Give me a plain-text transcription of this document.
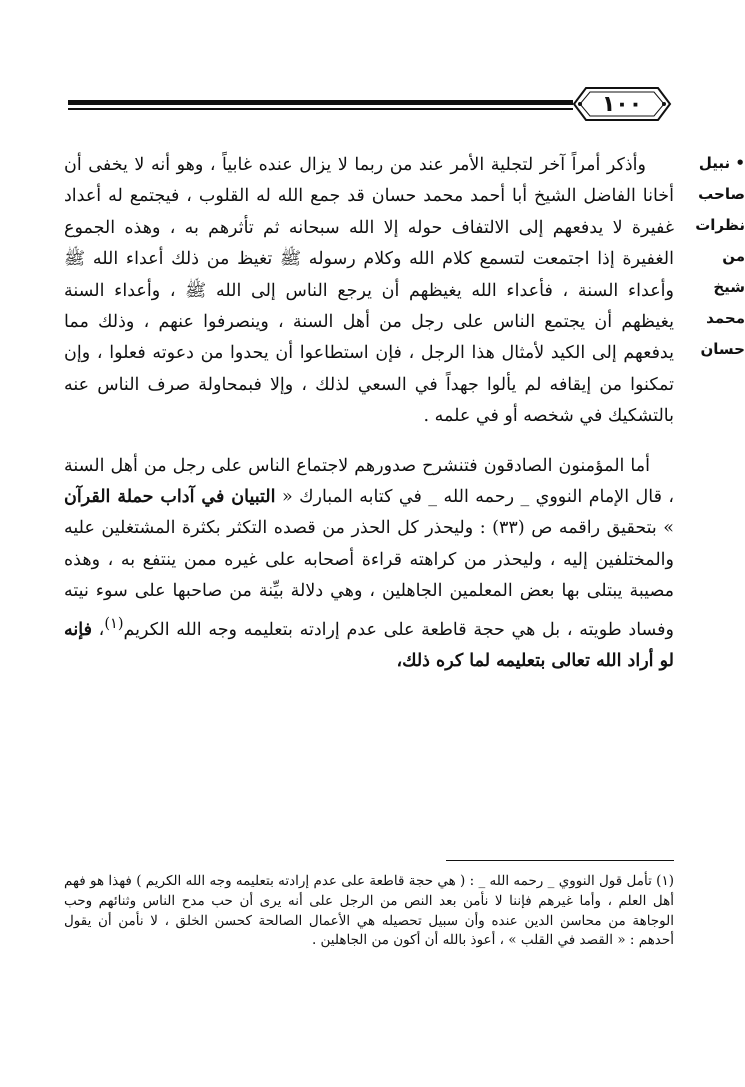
١٠٠
• نبيل
صاحب
نظرات
من
شيخ
محمد
حسان

وأذكر أمراً آخر لتجلية الأمر عند من ربما لا يزال عنده غابياً ، وهو أنه لا يخفى أن أخانا الفاضل الشيخ أبا أحمد محمد حسان قد جمع الله له القلوب ، فيجتمع له أعداد غفيرة لا يدفعهم إلى الالتفاف حوله إلا الله سبحانه ثم تأثرهم به ، وهذه الجموع الغفيرة إذا اجتمعت لتسمع كلام الله وكلام رسوله ﷺ تغيظ من ذلك أعداء الله ﷺ وأعداء السنة ، فأعداء الله يغيظهم أن يرجع الناس إلى الله ﷺ ، وأعداء السنة يغيظهم أن يجتمع الناس على رجل من أهل السنة ، وينصرفوا عنهم ، وذلك مما يدفعهم إلى الكيد لأمثال هذا الرجل ، فإن استطاعوا أن يحدوا من دعوته فعلوا ، وإن تمكنوا من إيقافه لم يألوا جهداً في السعي لذلك ، وإلا فبمحاولة صرف الناس عنه بالتشكيك في شخصه أو في علمه .

أما المؤمنون الصادقون فتنشرح صدورهم لاجتماع الناس على رجل من أهل السنة ، قال الإمام النووي _ رحمه الله _ في كتابه المبارك « التبيان في آداب حملة القرآن » بتحقيق راقمه ص (٣٣) : وليحذر كل الحذر من قصده التكثر بكثرة المشتغلين عليه والمختلفين إليه ، وليحذر من كراهته قراءة أصحابه على غيره ممن ينتفع به ، وهذه مصيبة يبتلى بها بعض المعلمين الجاهلين ، وهي دلالة بيِّنة من صاحبها على سوء نيته وفساد طويته ، بل هي حجة قاطعة على عدم إرادته بتعليمه وجه الله الكريم$^{(١)}$، فإنه لو أراد الله تعالى بتعليمه لما كره ذلك،

(١) تأمل قول النووي _ رحمه الله _ : ( هي حجة قاطعة على عدم إرادته بتعليمه وجه الله الكريم ) فهذا هو فهم أهل العلم ، وأما غيرهم فإننا لا نأمن بعد النص من الرجل على أنه يرى أن حب مدح الناس وثنائهم وحب الوجاهة من محاسن الدين عنده وأن سبيل تحصيله هي الأعمال الصالحة كحسن الخلق ، لا نأمن أن يقول أحدهم : « القصد في القلب » ، أعوذ بالله أن أكون من الجاهلين .
